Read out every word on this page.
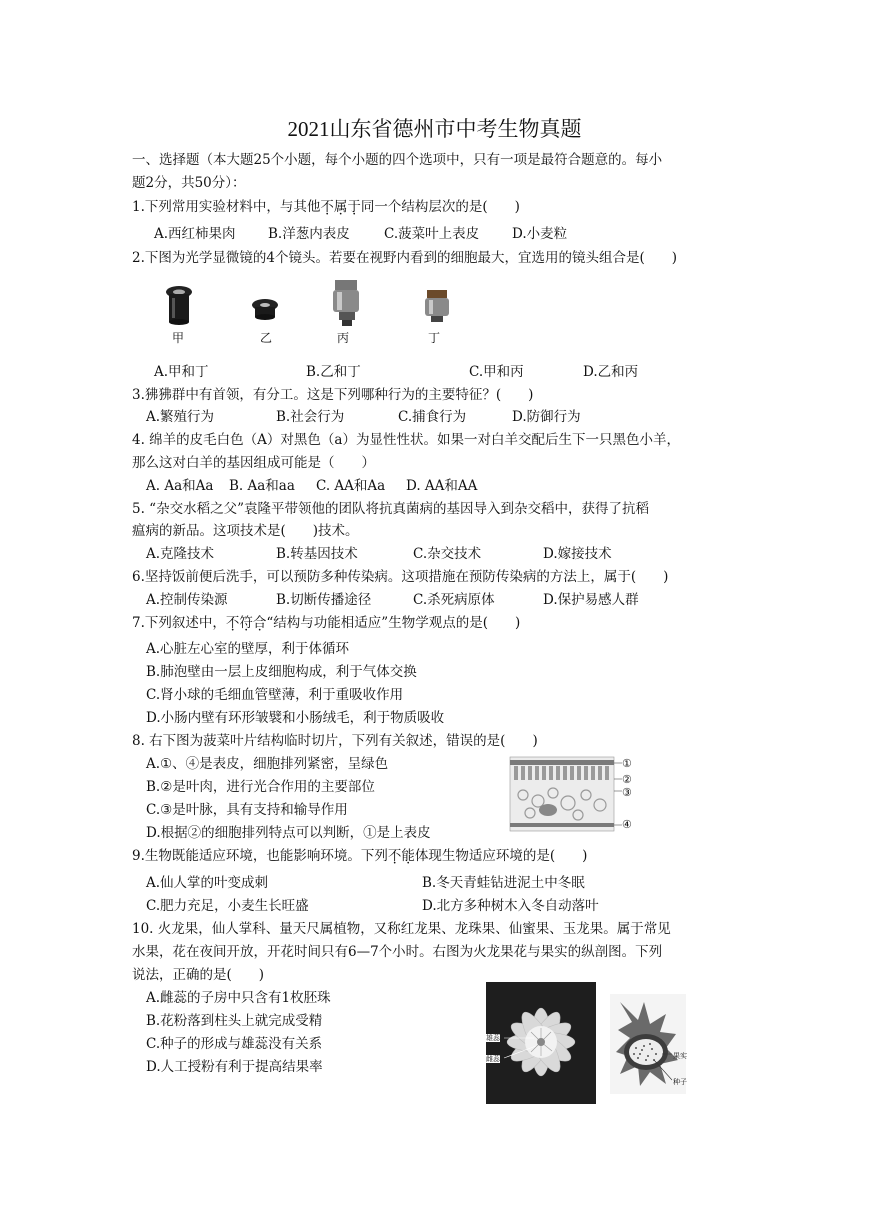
2021山东省德州市中考生物真题
一、选择题（本大题25个小题，每个小题的四个选项中，只有一项是最符合题意的。每小
题2分，共50分）：
1.下列常用实验材料中，与其他不属于同一个结构层次的是(　　)
A.西红柿果肉 B.洋葱内表皮	C.菠菜叶上表皮 D.小麦粒
2.下图为光学显微镜的4个镜头。若要在视野内看到的细胞最大，宜选用的镜头组合是(　　)
甲	乙	丙	丁
A.甲和丁	B.乙和丁	C.甲和丙	D.乙和丙
3.狒狒群中有首领，有分工。这是下列哪种行为的主要特征？(　　)
A.繁殖行为	B.社会行为	C.捕食行为	D.防御行为
4. 绵羊的皮毛白色（A）对黑色（a）为显性性状。如果一对白羊交配后生下一只黑色小羊，
那么这对白羊的基因组成可能是（　　）
A. Aa和Aa B. Aa和aa C. AA和Aa D. AA和AA
5. “杂交水稻之父”袁隆平带领他的团队将抗真菌病的基因导入到杂交稻中，获得了抗稻
瘟病的新品。这项技术是(　　)技术。
A.克隆技术	B.转基因技术	C.杂交技术	D.嫁接技术
6.坚持饭前便后洗手，可以预防多种传染病。这项措施在预防传染病的方法上，属于(　　)
A.控制传染源	B.切断传播途径	C.杀死病原体	D.保护易感人群
7.下列叙述中，不符合“结构与功能相适应”生物学观点的是(　　)
A.心脏左心室的壁厚，利于体循环
B.肺泡壁由一层上皮细胞构成，利于气体交换
C.肾小球的毛细血管壁薄，利于重吸收作用
D.小肠内壁有环形皱襞和小肠绒毛，利于物质吸收
8. 右下图为菠菜叶片结构临时切片，下列有关叙述，错误的是(　　)
A.①、④是表皮，细胞排列紧密，呈绿色
B.②是叶肉，进行光合作用的主要部位
C.③是叶脉，具有支持和输导作用
D.根据②的细胞排列特点可以判断，①是上表皮
①
②
③
④
9.生物既能适应环境，也能影响环境。下列不能体现生物适应环境的是(　　)
A.仙人掌的叶变成刺	B.冬天青蛙钻进泥土中冬眠
C.肥力充足，小麦生长旺盛	D.北方多种树木入冬自动落叶
10. 火龙果，仙人掌科、量天尺属植物，又称红龙果、龙珠果、仙蜜果、玉龙果。属于常见
水果，花在夜间开放，开花时间只有6—7个小时。右图为火龙果花与果实的纵剖图。下列
说法，正确的是(　　)
A.雌蕊的子房中只含有1枚胚珠
B.花粉落到柱头上就完成受精
C.种子的形成与雄蕊没有关系
D.人工授粉有利于提高结果率
雄蕊
雌蕊	果实
种子
